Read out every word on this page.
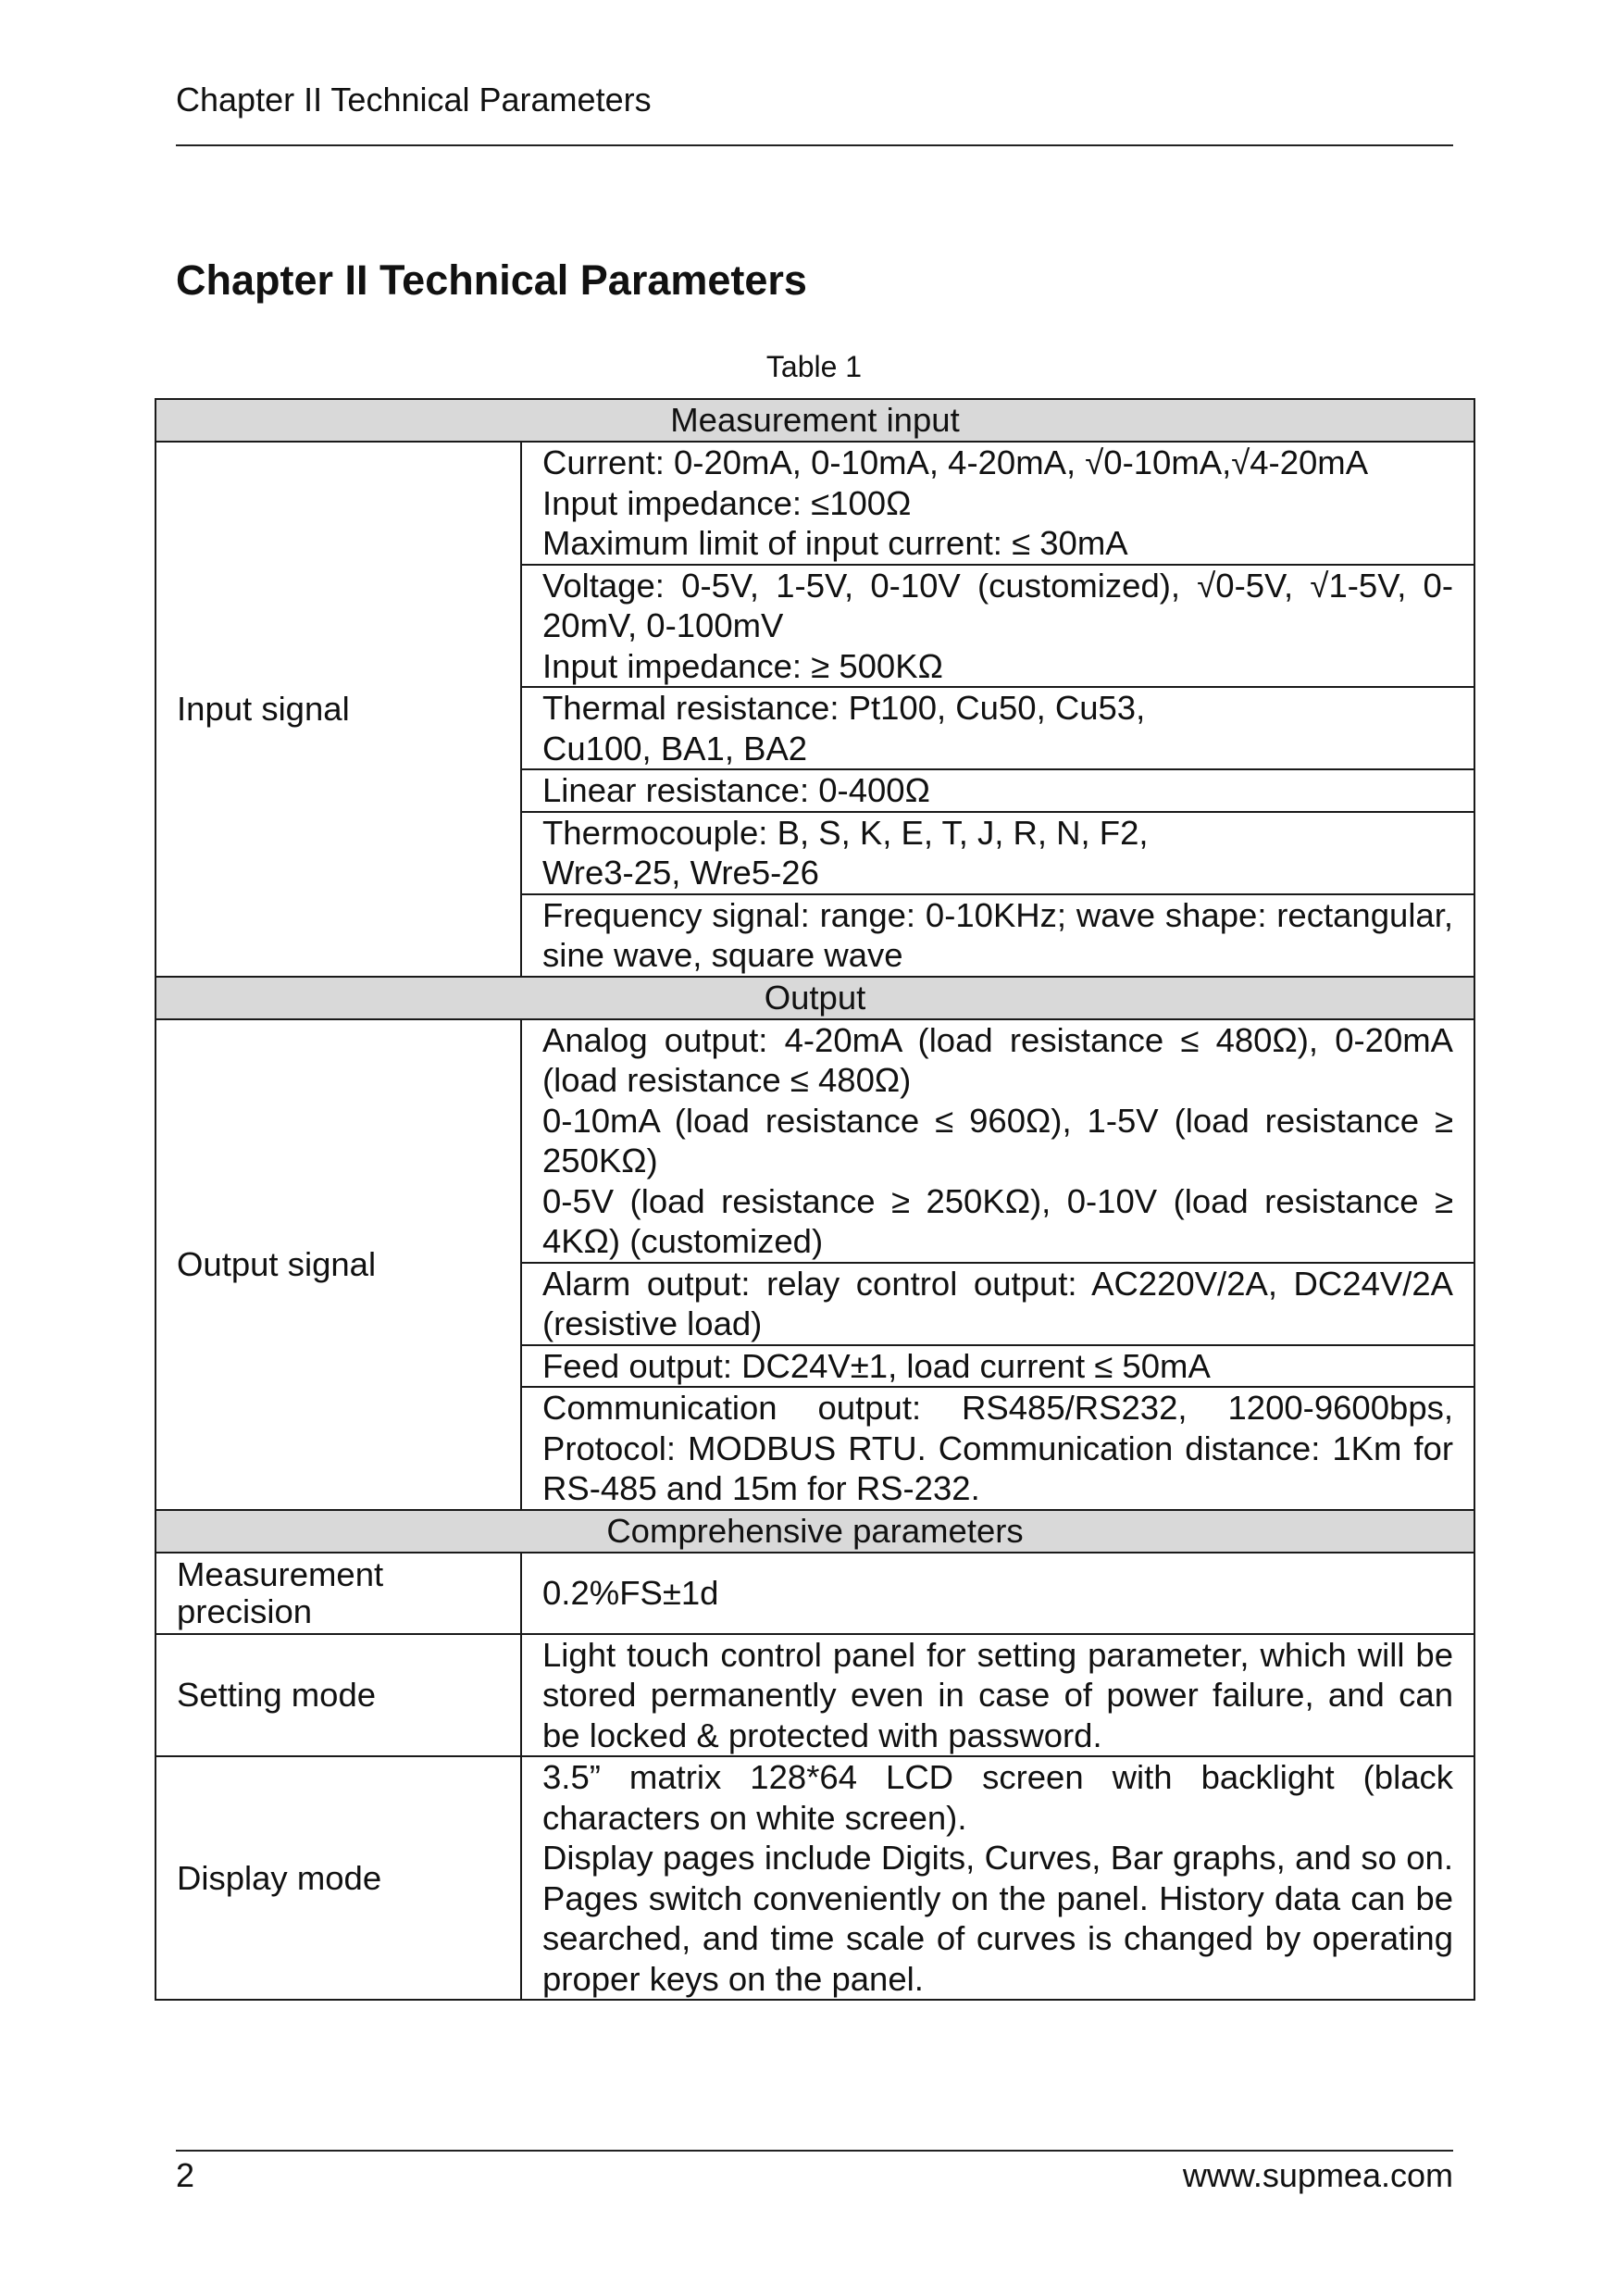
Chapter II Technical Parameters
Chapter II Technical Parameters
Table 1
Measurement input	
Input signal	Current: 0-20mA, 0-10mA, 4-20mA, √0-10mA,√4-20mA
Input impedance: ≤100Ω
Maximum limit of input current: ≤ 30mA

	Voltage: 0-5V, 1-5V, 0-10V (customized), √0-5V, √1-5V, 0-20mV, 0-100mV
Input impedance: ≥ 500KΩ

	Thermal resistance: Pt100, Cu50, Cu53,
Cu100, BA1, BA2

	Linear resistance: 0-400Ω

	Thermocouple: B, S, K, E, T, J, R, N, F2,
Wre3-25, Wre5-26

	Frequency signal: range: 0-10KHz; wave shape: rectangular, sine wave, square wave

Output	
Output signal	Analog output: 4-20mA (load resistance ≤ 480Ω), 0-20mA (load resistance ≤ 480Ω)
0-10mA (load resistance ≤ 960Ω), 1-5V (load resistance ≥ 250KΩ)
0-5V (load resistance ≥ 250KΩ), 0-10V (load resistance ≥ 4KΩ) (customized)

	Alarm output: relay control output: AC220V/2A, DC24V/2A (resistive load)

	Feed output: DC24V±1, load current ≤ 50mA

	Communication output: RS485/RS232, 1200-9600bps, Protocol: MODBUS RTU. Communication distance: 1Km for RS-485 and 15m for RS-232.

Comprehensive parameters	
Measurement precision	0.2%FS±1d

Setting mode	Light touch control panel for setting parameter, which will be stored permanently even in case of power failure, and can be locked & protected with password.

Display mode	3.5” matrix 128*64 LCD screen with backlight (black characters on white screen).
Display pages include Digits, Curves, Bar graphs, and so on. Pages switch conveniently on the panel. History data can be searched, and time scale of curves is changed by operating proper keys on the panel.
2	www.supmea.com
